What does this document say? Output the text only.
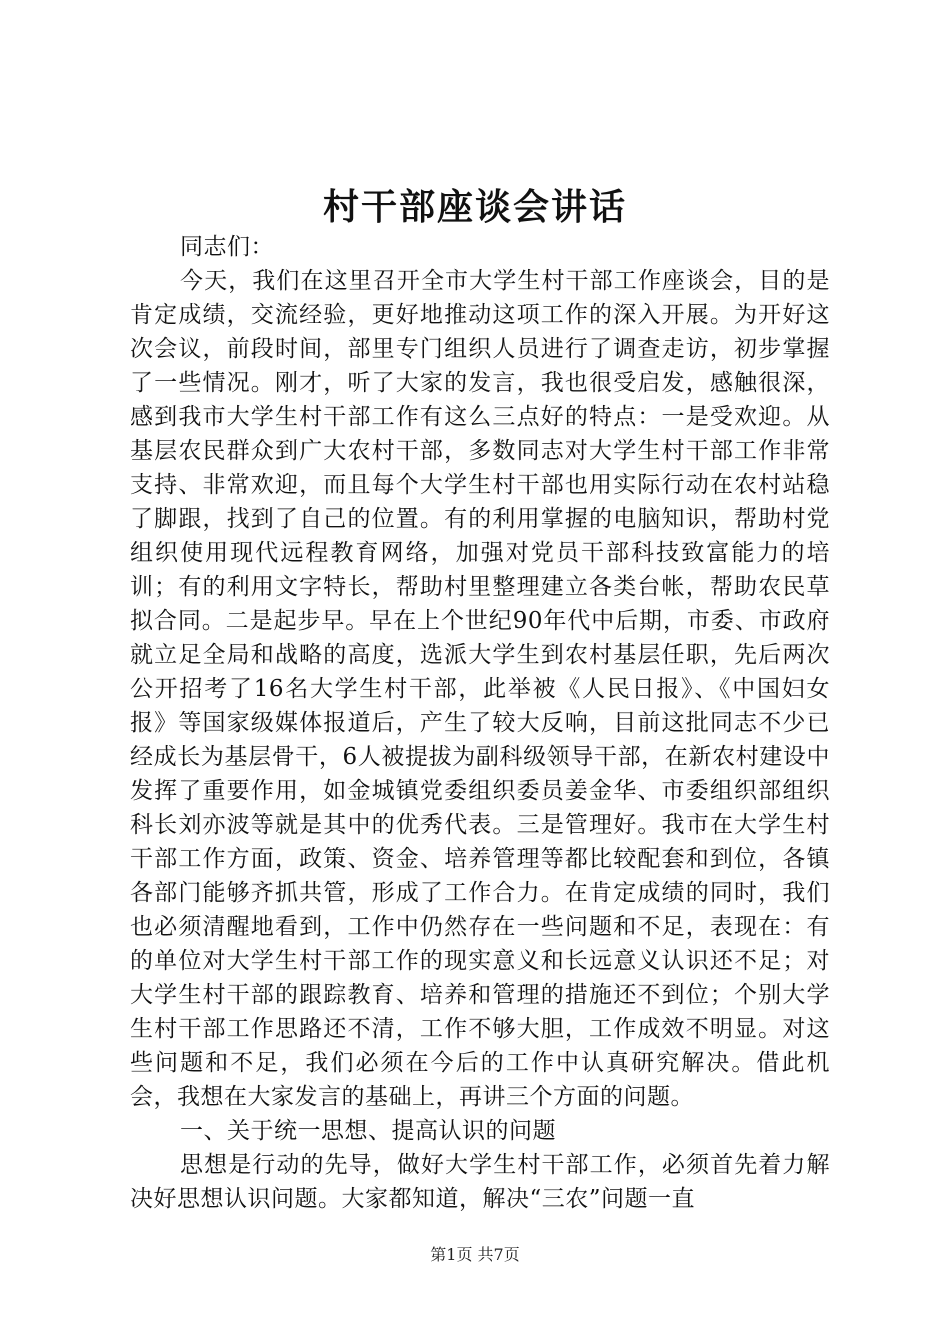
村干部座谈会讲话

同志们：

今天，我们在这里召开全市大学生村干部工作座谈会，目的是肯定成绩，交流经验，更好地推动这项工作的深入开展。为开好这次会议，前段时间，部里专门组织人员进行了调查走访，初步掌握了一些情况。刚才，听了大家的发言，我也很受启发，感触很深，感到我市大学生村干部工作有这么三点好的特点：一是受欢迎。从基层农民群众到广大农村干部，多数同志对大学生村干部工作非常支持、非常欢迎，而且每个大学生村干部也用实际行动在农村站稳了脚跟，找到了自己的位置。有的利用掌握的电脑知识，帮助村党组织使用现代远程教育网络，加强对党员干部科技致富能力的培训；有的利用文字特长，帮助村里整理建立各类台帐，帮助农民草拟合同。二是起步早。早在上个世纪90年代中后期，市委、市政府就立足全局和战略的高度，选派大学生到农村基层任职，先后两次公开招考了16名大学生村干部，此举被《人民日报》、《中国妇女报》等国家级媒体报道后，产生了较大反响，目前这批同志不少已经成长为基层骨干，6人被提拔为副科级领导干部，在新农村建设中发挥了重要作用，如金城镇党委组织委员姜金华、市委组织部组织科长刘亦波等就是其中的优秀代表。三是管理好。我市在大学生村干部工作方面，政策、资金、培养管理等都比较配套和到位，各镇各部门能够齐抓共管，形成了工作合力。在肯定成绩的同时，我们也必须清醒地看到，工作中仍然存在一些问题和不足，表现在：有的单位对大学生村干部工作的现实意义和长远意义认识还不足；对大学生村干部的跟踪教育、培养和管理的措施还不到位；个别大学生村干部工作思路还不清，工作不够大胆，工作成效不明显。对这些问题和不足，我们必须在今后的工作中认真研究解决。借此机会，我想在大家发言的基础上，再讲三个方面的问题。

一、关于统一思想、提高认识的问题

思想是行动的先导，做好大学生村干部工作，必须首先着力解决好思想认识问题。大家都知道，解决“三农”问题一直

第1页 共7页
